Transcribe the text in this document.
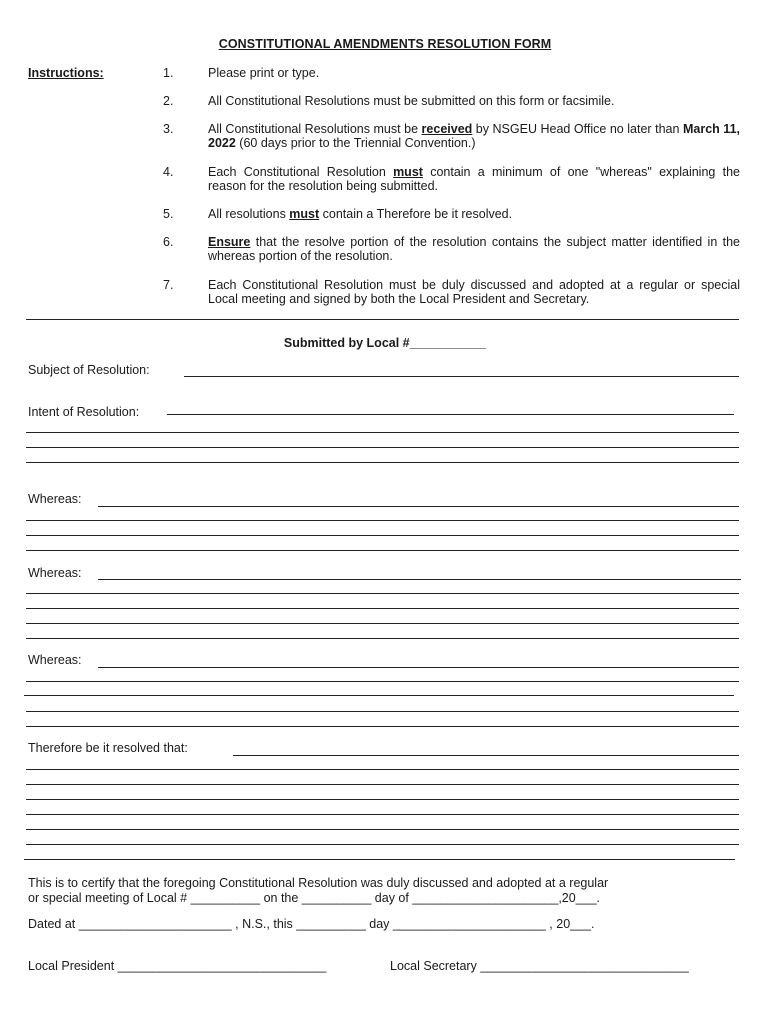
CONSTITUTIONAL AMENDMENTS RESOLUTION FORM
Instructions:	1.	Please print or type.
2.	All Constitutional Resolutions must be submitted on this form or facsimile.
3.	All Constitutional Resolutions must be received by NSGEU Head Office no later than March 11, 2022 (60 days prior to the Triennial Convention.)
4.	Each Constitutional Resolution must contain a minimum of one "whereas" explaining the reason for the resolution being submitted.
5.	All resolutions must contain a Therefore be it resolved.
6.	Ensure that the resolve portion of the resolution contains the subject matter identified in the whereas portion of the resolution.
7.	Each Constitutional Resolution must be duly discussed and adopted at a regular or special Local meeting and signed by both the Local President and Secretary.
Submitted by Local #___________
Subject of Resolution:
Intent of Resolution:
Whereas:
Whereas:
Whereas:
Therefore be it resolved that:
This is to certify that the foregoing Constitutional Resolution was duly discussed and adopted at a regular
or special meeting of Local # __________ on the __________ day of _____________________,20___.
Dated at ______________________ , N.S., this __________ day ______________________ , 20___.
Local President ______________________________	Local Secretary ______________________________
